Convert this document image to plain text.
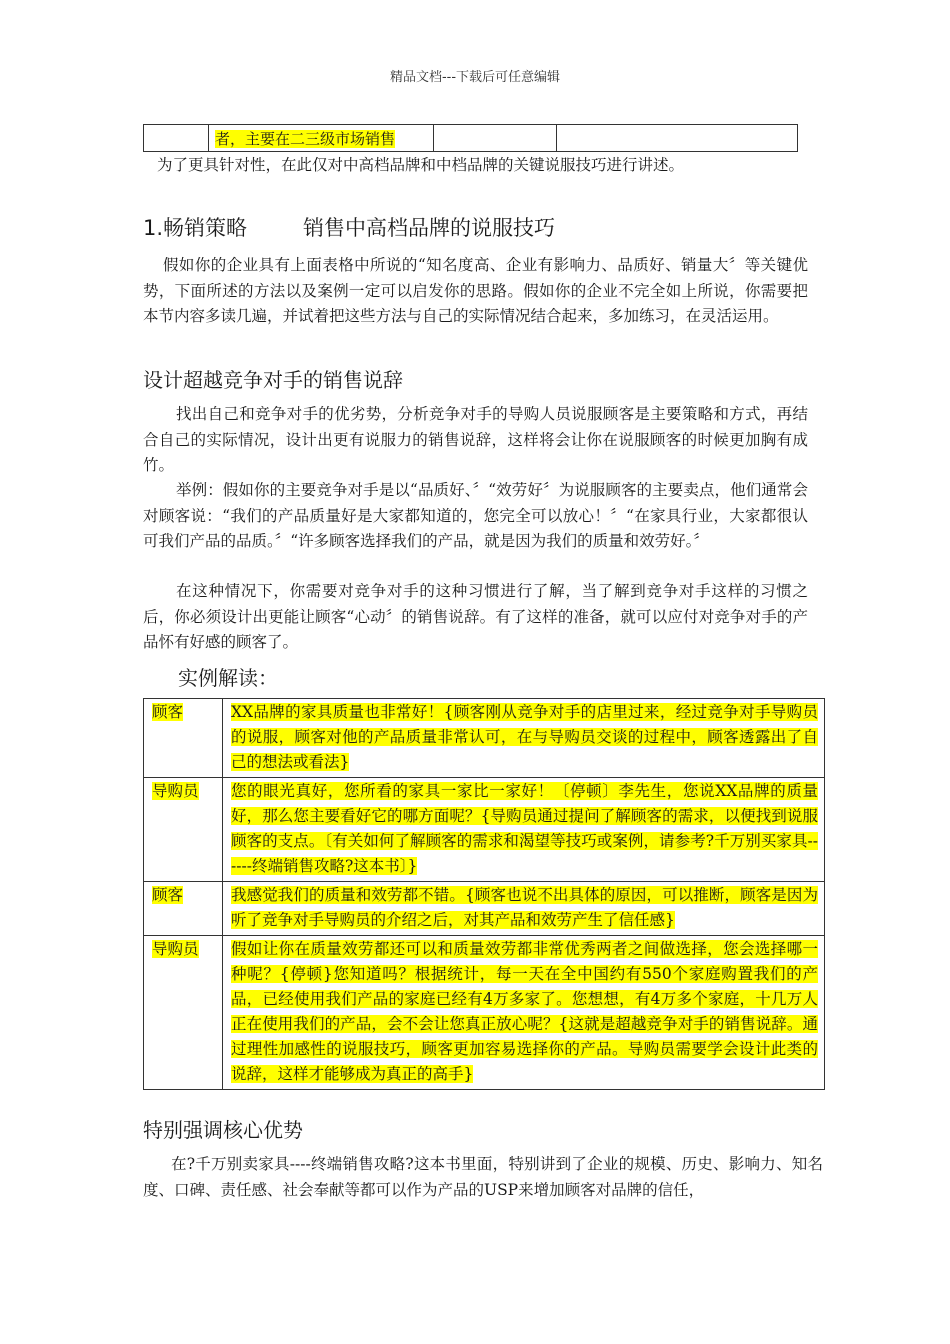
精品文档---下载后可任意编辑
	者，主要在二三级市场销售		
为了更具针对性，在此仅对中高档品牌和中档品牌的关键说服技巧进行讲述。
1.畅销策略	销售中高档品牌的说服技巧
假如你的企业具有上面表格中所说的“知名度高、企业有影响力、品质好、销量大〞等关键优势，下面所述的方法以及案例一定可以启发你的思路。假如你的企业不完全如上所说，你需要把本节内容多读几遍，并试着把这些方法与自己的实际情况结合起来，多加练习，在灵活运用。
设计超越竞争对手的销售说辞
找出自己和竞争对手的优劣势，分析竞争对手的导购人员说服顾客是主要策略和方式，再结合自己的实际情况，设计出更有说服力的销售说辞，这样将会让你在说服顾客的时候更加胸有成竹。
举例：假如你的主要竞争对手是以“品质好、〞“效劳好〞为说服顾客的主要卖点，他们通常会对顾客说：“我们的产品质量好是大家都知道的，您完全可以放心！〞“在家具行业，大家都很认可我们产品的品质。〞“许多顾客选择我们的产品，就是因为我们的质量和效劳好。〞
在这种情况下，你需要对竞争对手的这种习惯进行了解，当了解到竞争对手这样的习惯之后，你必须设计出更能让顾客“心动〞的销售说辞。有了这样的准备，就可以应付对竞争对手的产品怀有好感的顾客了。
实例解读：
顾客	XX品牌的家具质量也非常好！{顾客刚从竞争对手的店里过来，经过竞争对手导购员的说服，顾客对他的产品质量非常认可，在与导购员交谈的过程中，顾客透露出了自己的想法或看法}
导购员	您的眼光真好，您所看的家具一家比一家好！〔停顿〕李先生，您说XX品牌的质量好，那么您主要看好它的哪方面呢？{导购员通过提问了解顾客的需求，以便找到说服顾客的支点。〔有关如何了解顾客的需求和渴望等技巧或案例，请参考?千万别买家具------终端销售攻略?这本书〕}
顾客	我感觉我们的质量和效劳都不错。{顾客也说不出具体的原因，可以推断，顾客是因为听了竞争对手导购员的介绍之后，对其产品和效劳产生了信任感}
导购员	假如让你在质量效劳都还可以和质量效劳都非常优秀两者之间做选择，您会选择哪一种呢？{停顿}您知道吗？根据统计，每一天在全中国约有550个家庭购置我们的产品，已经使用我们产品的家庭已经有4万多家了。您想想，有4万多个家庭，十几万人正在使用我们的产品，会不会让您真正放心呢？{这就是超越竞争对手的销售说辞。通过理性加感性的说服技巧，顾客更加容易选择你的产品。导购员需要学会设计此类的说辞，这样才能够成为真正的高手}
特别强调核心优势
在?千万别卖家具----终端销售攻略?这本书里面，特别讲到了企业的规模、历史、影响力、知名度、口碑、责任感、社会奉献等都可以作为产品的USP来增加顾客对品牌的信任，
